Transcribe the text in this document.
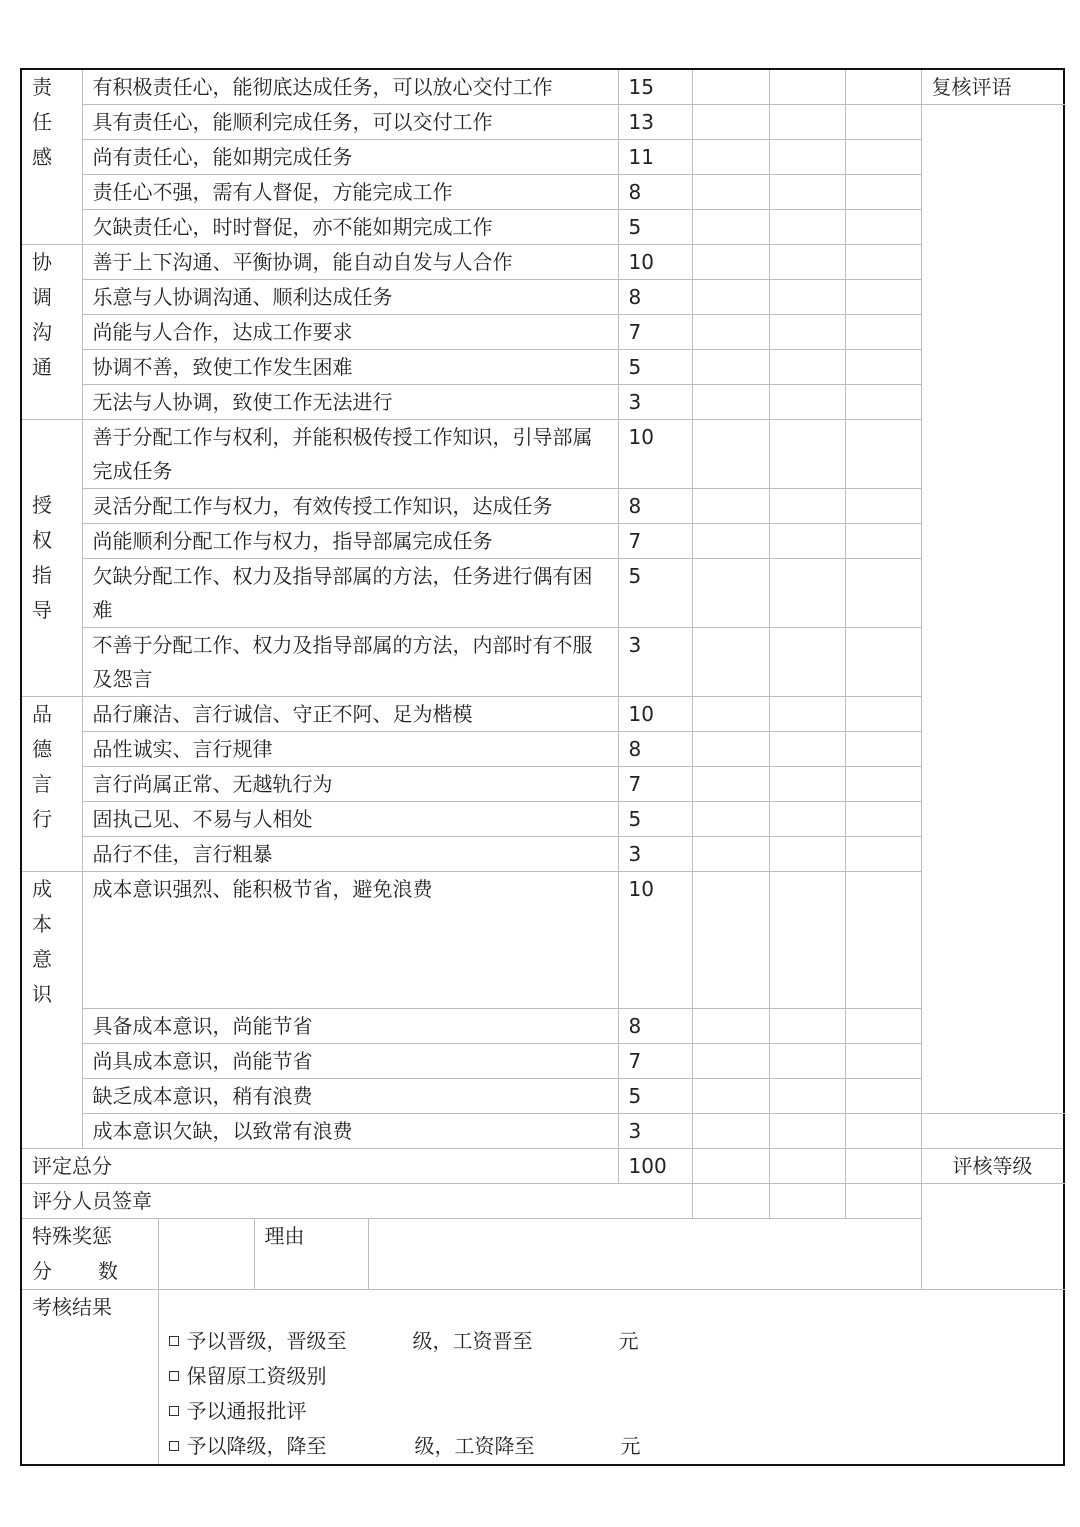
责任感	有积极责任心，能彻底达成任务，可以放心交付工作				15				复核评语	
	具有责任心，能顺利完成任务，可以交付工作				13					
	尚有责任心，能如期完成任务				11					
	责任心不强，需有人督促，方能完成工作				8					
	欠缺责任心，时时督促，亦不能如期完成工作				5					

协调沟通	善于上下沟通、平衡协调，能自动自发与人合作				10					
	乐意与人协调沟通、顺利达成任务				8					
	尚能与人合作，达成工作要求				7					
	协调不善，致使工作发生困难				5					
	无法与人协调，致使工作无法进行				3					

授权指导	善于分配工作与权利，并能积极传授工作知识，引导部属完成任务				10					
	灵活分配工作与权力，有效传授工作知识，达成任务				8					
	尚能顺利分配工作与权力，指导部属完成任务				7					
	欠缺分配工作、权力及指导部属的方法，任务进行偶有困难				5					
	不善于分配工作、权力及指导部属的方法，内部时有不服及怨言				3					

品德言行	品行廉洁、言行诚信、守正不阿、足为楷模				10					
	品性诚实、言行规律				8					
	言行尚属正常、无越轨行为				7					
	固执己见、不易与人相处				5					
	品行不佳，言行粗暴				3					

成本意识	成本意识强烈、能积极节省，避免浪费				10				
	具备成本意识，尚能节省				8					
	尚具成本意识，尚能节省				7					
	缺乏成本意识，稍有浪费				5					
	成本意识欠缺，以致常有浪费				3					
评定总分					100				评核等级	
评分人员签章										

特殊奖惩
分 数			理由							
考核结果		予以晋级，晋级至 级，工资晋至 元
保留原工资级别
予以通报批评
予以降级，降至 级，工资降至 元								
